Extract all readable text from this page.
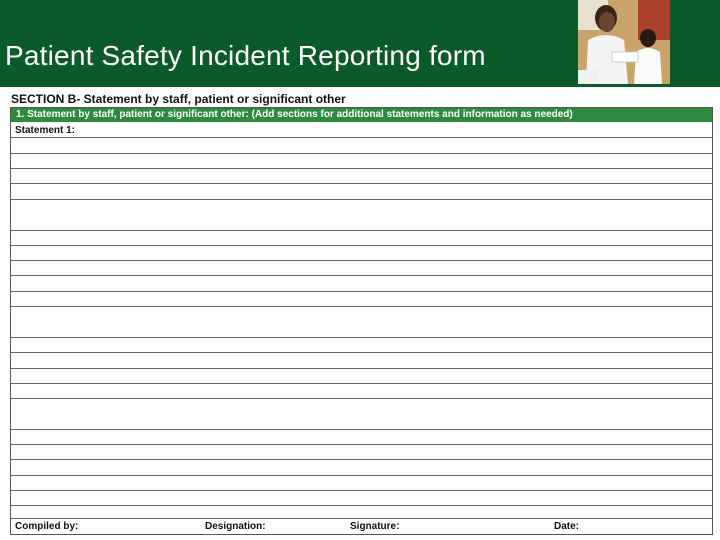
Patient Safety Incident Reporting form
SECTION B- Statement by staff, patient or significant other
1. Statement by staff, patient or significant other: (Add sections for additional statements and information as needed)
Statement 1:
Compiled by:	Designation:	Signature:	Date:
